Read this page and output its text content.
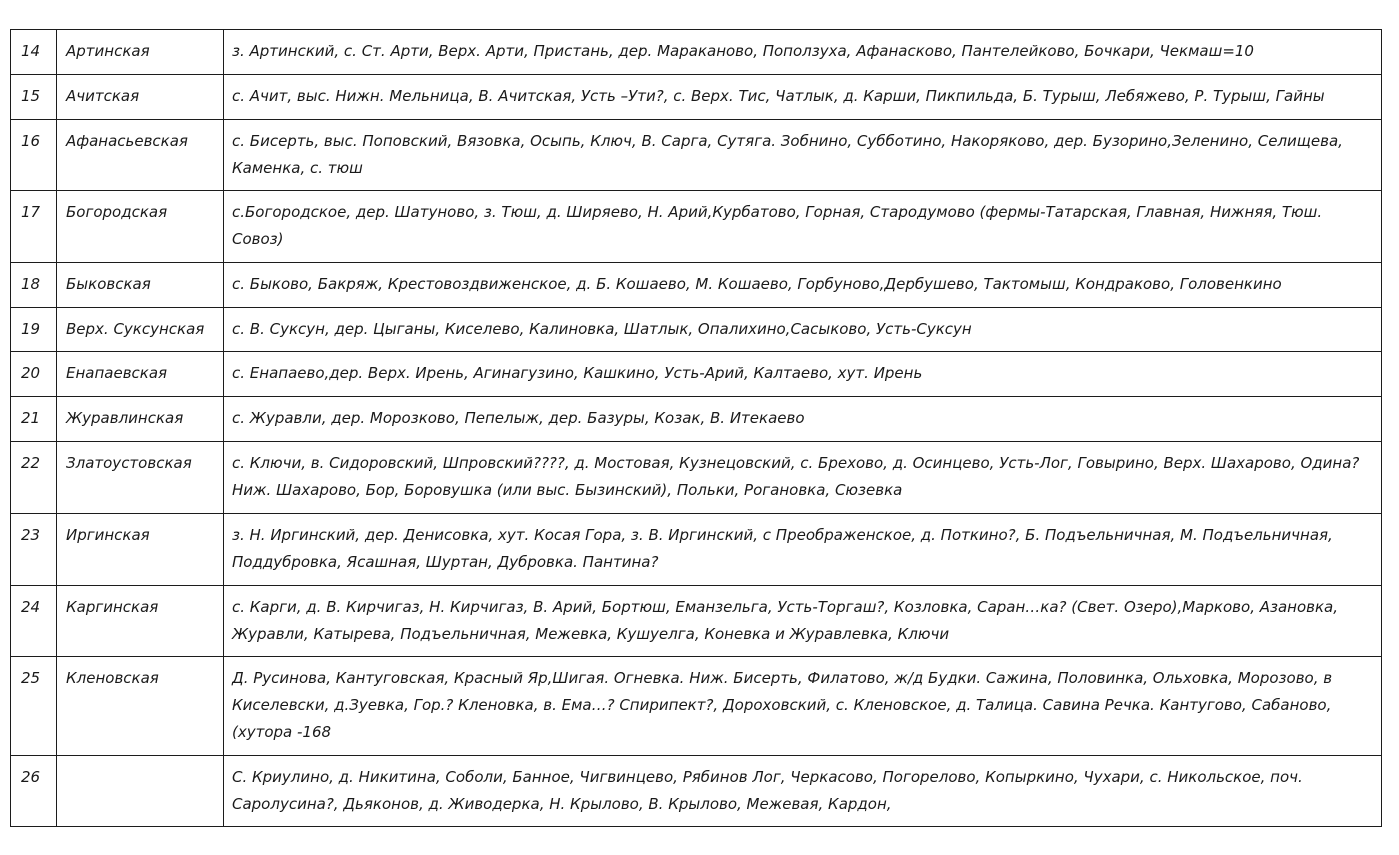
14	Артинская	з. Артинский, с. Ст. Арти, Верх. Арти, Пристань, дер. Мараканово, Поползуха, Афанасково, Пантелейково, Бочкари, Чекмаш=10

15	Ачитская	с. Ачит, выс. Нижн. Мельница, В. Ачитская, Усть –Ути?, с. Верх. Тис, Чатлык, д. Карши, Пикпильда, Б. Турыш, Лебяжево, Р. Турыш, Гайны

16	Афанасьевская	с. Бисерть, выс. Поповский, Вязовка, Осыпь, Ключ, В. Сарга, Сутяга. Зобнино, Субботино, Накоряково, дер. Бузорино,Зеленино, Селищева, Каменка, с. тюш

17	Богородская	с.Богородское, дер. Шатуново, з. Тюш, д. Ширяево, Н. Арий,Курбатово, Горная, Стародумово (фермы-Татарская, Главная, Нижняя, Тюш. Совоз)

18	Быковская	с. Быково, Бакряж, Крестовоздвиженское, д. Б. Кошаево, М. Кошаево, Горбуново,Дербушево, Тактомыш, Кондраково, Головенкино

19	Верх. Суксунская	с. В. Суксун, дер. Цыганы, Киселево, Калиновка, Шатлык, Опалихино,Сасыково, Усть-Суксун

20	Енапаевская	с. Енапаево,дер. Верх. Ирень, Агинагузино, Кашкино, Усть-Арий, Калтаево, хут. Ирень

21	Журавлинская	с. Журавли, дер. Морозково, Пепелыж, дер. Базуры, Козак, В. Итекаево

22	Златоустовская	с. Ключи, в. Сидоровский, Шпровский????, д. Мостовая, Кузнецовский, с. Брехово, д. Осинцево, Усть-Лог, Говырино, Верх. Шахарово, Одина? Ниж. Шахарово, Бор, Боровушка (или выс. Бызинский), Польки, Рогановка, Сюзевка

23	Иргинская	з. Н. Иргинский, дер. Денисовка, хут. Косая Гора, з. В. Иргинский, с Преображенское, д. Поткино?, Б. Подъельничная, М. Подъельничная, Поддубровка, Ясашная, Шуртан, Дубровка. Пантина?

24	Каргинская	с. Карги, д. В. Кирчигаз, Н. Кирчигаз, В. Арий, Бортюш, Еманзельга, Усть-Торгаш?, Козловка, Саран…ка? (Свет. Озеро),Марково, Азановка, Журавли, Катырева, Подъельничная, Межевка, Кушуелга, Коневка и Журавлевка, Ключи

25	Кленовская	Д. Русинова, Кантуговская, Красный Яр,Шигая. Огневка. Ниж. Бисерть, Филатово, ж/д Будки. Сажина, Половинка, Ольховка, Морозово, в Киселевски, д.Зуевка, Гор.? Кленовка, в. Ема…? Спирипект?, Дороховский, с. Кленовское, д. Талица. Савина Речка. Кантугово, Сабаново, (хутора -168

26		С. Криулино, д. Никитина, Соболи, Банное, Чигвинцево, Рябинов Лог, Черкасово, Погорелово, Копыркино, Чухари, с. Никольское, поч. Саролусина?, Дьяконов, д. Живодерка, Н. Крылово, В. Крылово, Межевая, Кардон,
